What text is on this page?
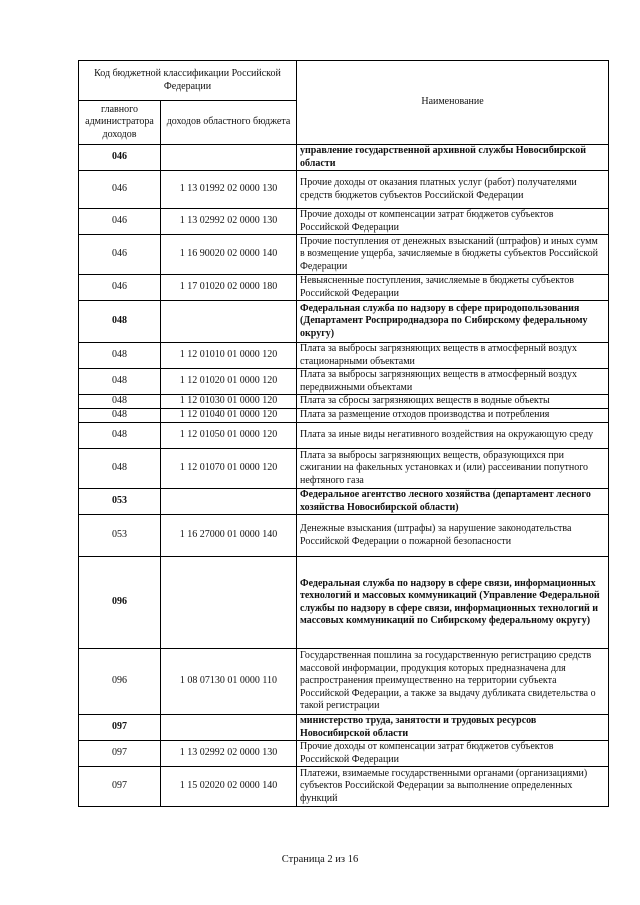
Код бюджетной классификации Российской Федерации		Наименование
главного администратора доходов	доходов областного бюджета	
046		управление государственной архивной службы Новосибирской области
046	1 13 01992 02 0000 130	Прочие доходы от оказания платных услуг (работ) получателями средств бюджетов субъектов Российской Федерации
046	1 13 02992 02 0000 130	Прочие доходы от компенсации затрат бюджетов субъектов Российской Федерации
046	1 16 90020 02 0000 140	Прочие поступления от денежных взысканий (штрафов) и иных сумм в возмещение ущерба, зачисляемые в бюджеты субъектов Российской Федерации
046	1 17 01020 02 0000 180	Невыясненные поступления, зачисляемые в бюджеты субъектов Российской Федерации
048		Федеральная служба по надзору в сфере природопользования (Департамент Росприроднадзора по Сибирскому федеральному округу)
048	1 12 01010 01 0000 120	Плата за выбросы загрязняющих веществ в атмосферный воздух стационарными объектами
048	1 12 01020 01 0000 120	Плата за выбросы загрязняющих веществ в атмосферный воздух передвижными объектами
048	1 12 01030 01 0000 120	Плата за сбросы загрязняющих веществ в водные объекты
048	1 12 01040 01 0000 120	Плата за размещение отходов производства и потребления
048	1 12 01050 01 0000 120	Плата за иные виды негативного воздействия на окружающую среду
048	1 12 01070 01 0000 120	Плата за выбросы загрязняющих веществ, образующихся при сжигании на факельных установках и (или) рассеивании попутного нефтяного газа
053		Федеральное агентство лесного хозяйства (департамент лесного хозяйства Новосибирской области)
053	1 16 27000 01 0000 140	Денежные взыскания (штрафы) за нарушение законодательства Российской Федерации о пожарной безопасности
096		Федеральная служба по надзору в сфере связи, информационных технологий и массовых коммуникаций (Управление Федеральной службы по надзору в сфере связи, информационных технологий и массовых коммуникаций по Сибирскому федеральному округу)
096	1 08 07130 01 0000 110	Государственная пошлина за государственную регистрацию средств массовой информации, продукция которых предназначена для распространения преимущественно на территории субъекта Российской Федерации, а также за выдачу дубликата свидетельства о такой регистрации
097		министерство труда, занятости и трудовых ресурсов Новосибирской области
097	1 13 02992 02 0000 130	Прочие доходы от компенсации затрат бюджетов субъектов Российской Федерации
097	1 15 02020 02 0000 140	Платежи, взимаемые государственными органами (организациями) субъектов Российской Федерации за выполнение определенных функций
Страница 2 из 16
